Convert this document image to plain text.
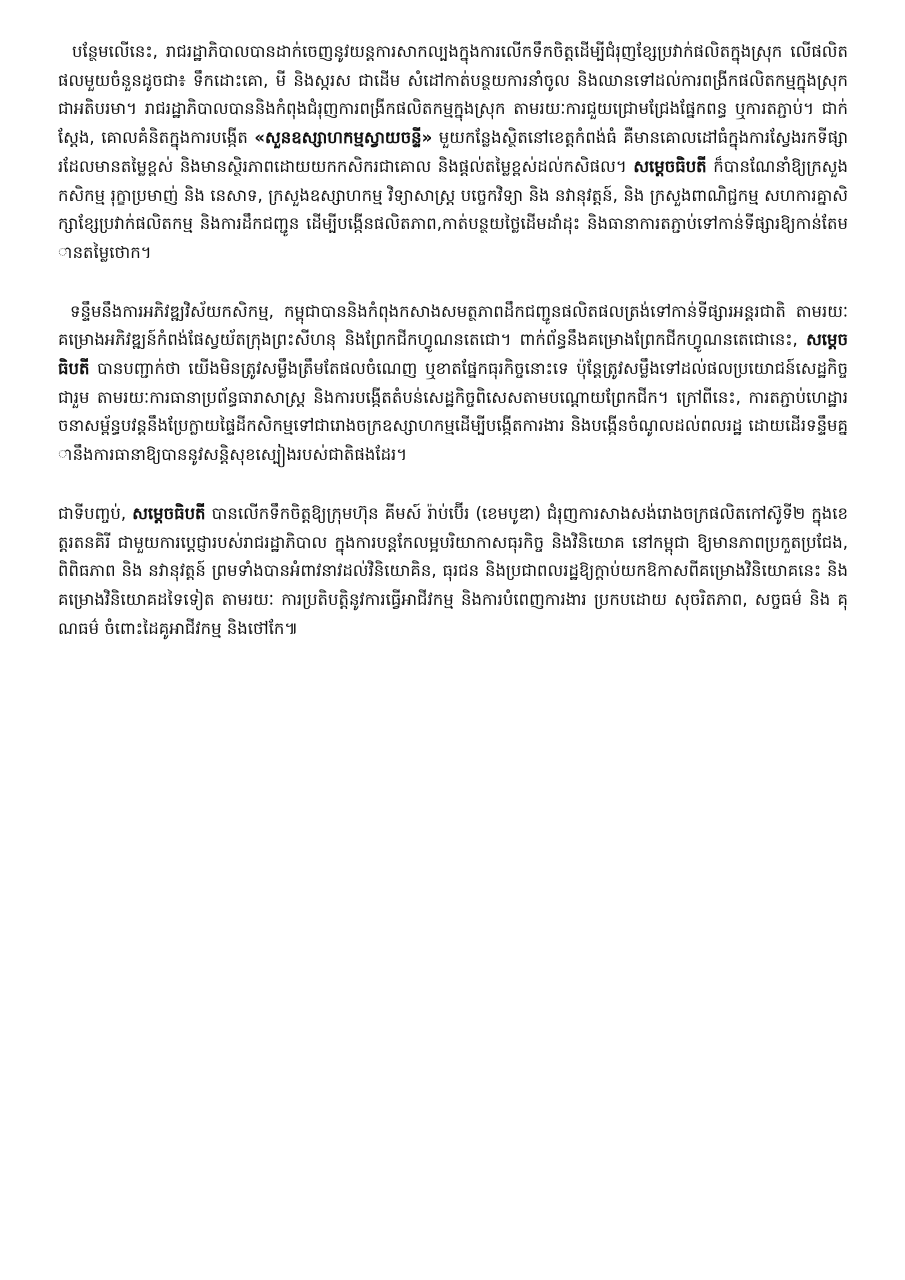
បន្ថែមលើនេះ, រាជរដ្ឋាភិបាលបានដាក់ចេញនូវយន្តការសាកល្បងក្នុងការលើកទឹកចិត្តដើម្បីជំរុញខ្សែប្រវាក់ផលិតក្នុងស្រុក លើផលិតផលមួយចំនួនដូចជា៖ ទឹកដោះគោ, មី និងស្ករស ជាដើម សំដៅកាត់បន្ថយការនាំចូល និងឈានទៅដល់ការពង្រីកផលិតកម្មក្នុងស្រុក ជាអតិបរមា។ រាជរដ្ឋាភិបាលបាននិងកំពុងជំរុញការពង្រីកផលិតកម្មក្នុងស្រុក តាមរយៈការជួយជ្រោមជ្រែងផ្នែកពន្ធ ឬការតភ្ជាប់។ ជាក់ស្តែង, គោលគំនិតក្នុងការបង្កើត «សួនឧស្សាហកម្មស្វាយចន្ទី» មួយកន្លែងស្ថិតនៅខេត្តកំពង់ធំ គឺមានគោលដៅធំក្នុងការស្វែងរកទីផ្សារដែលមានតម្លៃខ្ពស់ និងមានស្ថិរភាពដោយយកកសិករជាគោល និងផ្តល់តម្លៃខ្ពស់ដល់កសិផល។ សម្តេចធិបតី ក៏បានណែនាំឱ្យក្រសួងកសិកម្ម រុក្ខាប្រមាញ់ និង នេសាទ, ក្រសួងឧស្សាហកម្ម វិទ្យាសាស្ត្រ បច្ចេកវិទ្យា និង នវានុវត្តន៍, និង ក្រសួងពាណិជ្ជកម្ម សហការគ្នាសិក្សាខ្សែប្រវាក់ផលិតកម្ម និងការដឹកជញ្ជូន ដើម្បីបង្កើនផលិតភាព,កាត់បន្ថយថ្លៃដើមដាំដុះ និងធានាការតភ្ជាប់ទៅកាន់ទីផ្សារឱ្យកាន់តែមានតម្លៃថោក។

ទន្ទឹមនឹងការអភិវឌ្ឍវិស័យកសិកម្ម, កម្ពុជាបាននិងកំពុងកសាងសមត្ថភាពដឹកជញ្ជូនផលិតផលត្រង់ទៅកាន់ទីផ្សារអន្តរជាតិ តាមរយៈគម្រោងអភិវឌ្ឍន៍កំពង់ផែស្វយ័តក្រុងព្រះសីហនុ និងព្រែកជីកហ្វូណនតេជោ។ ពាក់ព័ន្ធនឹងគម្រោងព្រែកជីកហ្វូណនតេជោនេះ, សម្តេចធិបតី បានបញ្ជាក់ថា យើងមិនត្រូវសម្លឹងត្រឹមតែផលចំណេញ ឬខាតផ្នែកធុរកិច្ចនោះទេ ប៉ុន្តែត្រូវសម្លឹងទៅដល់ផលប្រយោជន៍សេដ្ឋកិច្ចជារួម តាមរយៈការធានាប្រព័ន្ធធារាសាស្ត្រ និងការបង្កើតតំបន់សេដ្ឋកិច្ចពិសេសតាមបណ្តោយព្រែកជីក។ ក្រៅពីនេះ, ការតភ្ជាប់ហេដ្ឋារចនាសម្ព័ន្ធបវន្តនឹងប្រែក្លាយផ្ទៃដីកសិកម្មទៅជារោងចក្រឧស្សាហកម្មដើម្បីបង្កើតការងារ និងបង្កើនចំណូលដល់ពលរដ្ឋ ដោយដើរទន្ទឹមគ្នានឹងការធានាឱ្យបាននូវសន្តិសុខស្បៀងរបស់ជាតិផងដែរ។

ជាទីបញ្ចប់, សម្តេចធិបតី បានលើកទឹកចិត្តឱ្យក្រុមហ៊ុន គីមស៍ រ៉ាប់ប៊ើរ (ខេមបូឌា) ជំរុញការសាងសង់រោងចក្រផលិតកៅស៊ូទី២ ក្នុងខេត្តរតនគិរី ជាមួយការប្តេជ្ញារបស់រាជរដ្ឋាភិបាល ក្នុងការបន្តកែលម្អបរិយាកាសធុរកិច្ច និងវិនិយោគ នៅកម្ពុជា ឱ្យមានភាពប្រកួតប្រជែង, ពិពិធភាព និង នវានុវត្តន៍ ព្រមទាំងបានអំពាវនាវដល់វិនិយោគិន, ធុរជន និងប្រជាពលរដ្ឋឱ្យក្តាប់យកឱកាសពីគម្រោងវិនិយោគនេះ និងគម្រោងវិនិយោគដទៃទៀត តាមរយៈ ការប្រតិបត្តិនូវការធ្វើអាជីវកម្ម និងការបំពេញការងារ ប្រកបដោយ សុចរិតភាព, សច្ចធម៌ និង គុណធម៌ ចំពោះដៃគូអាជីវកម្ម និងថៅកែ៕
